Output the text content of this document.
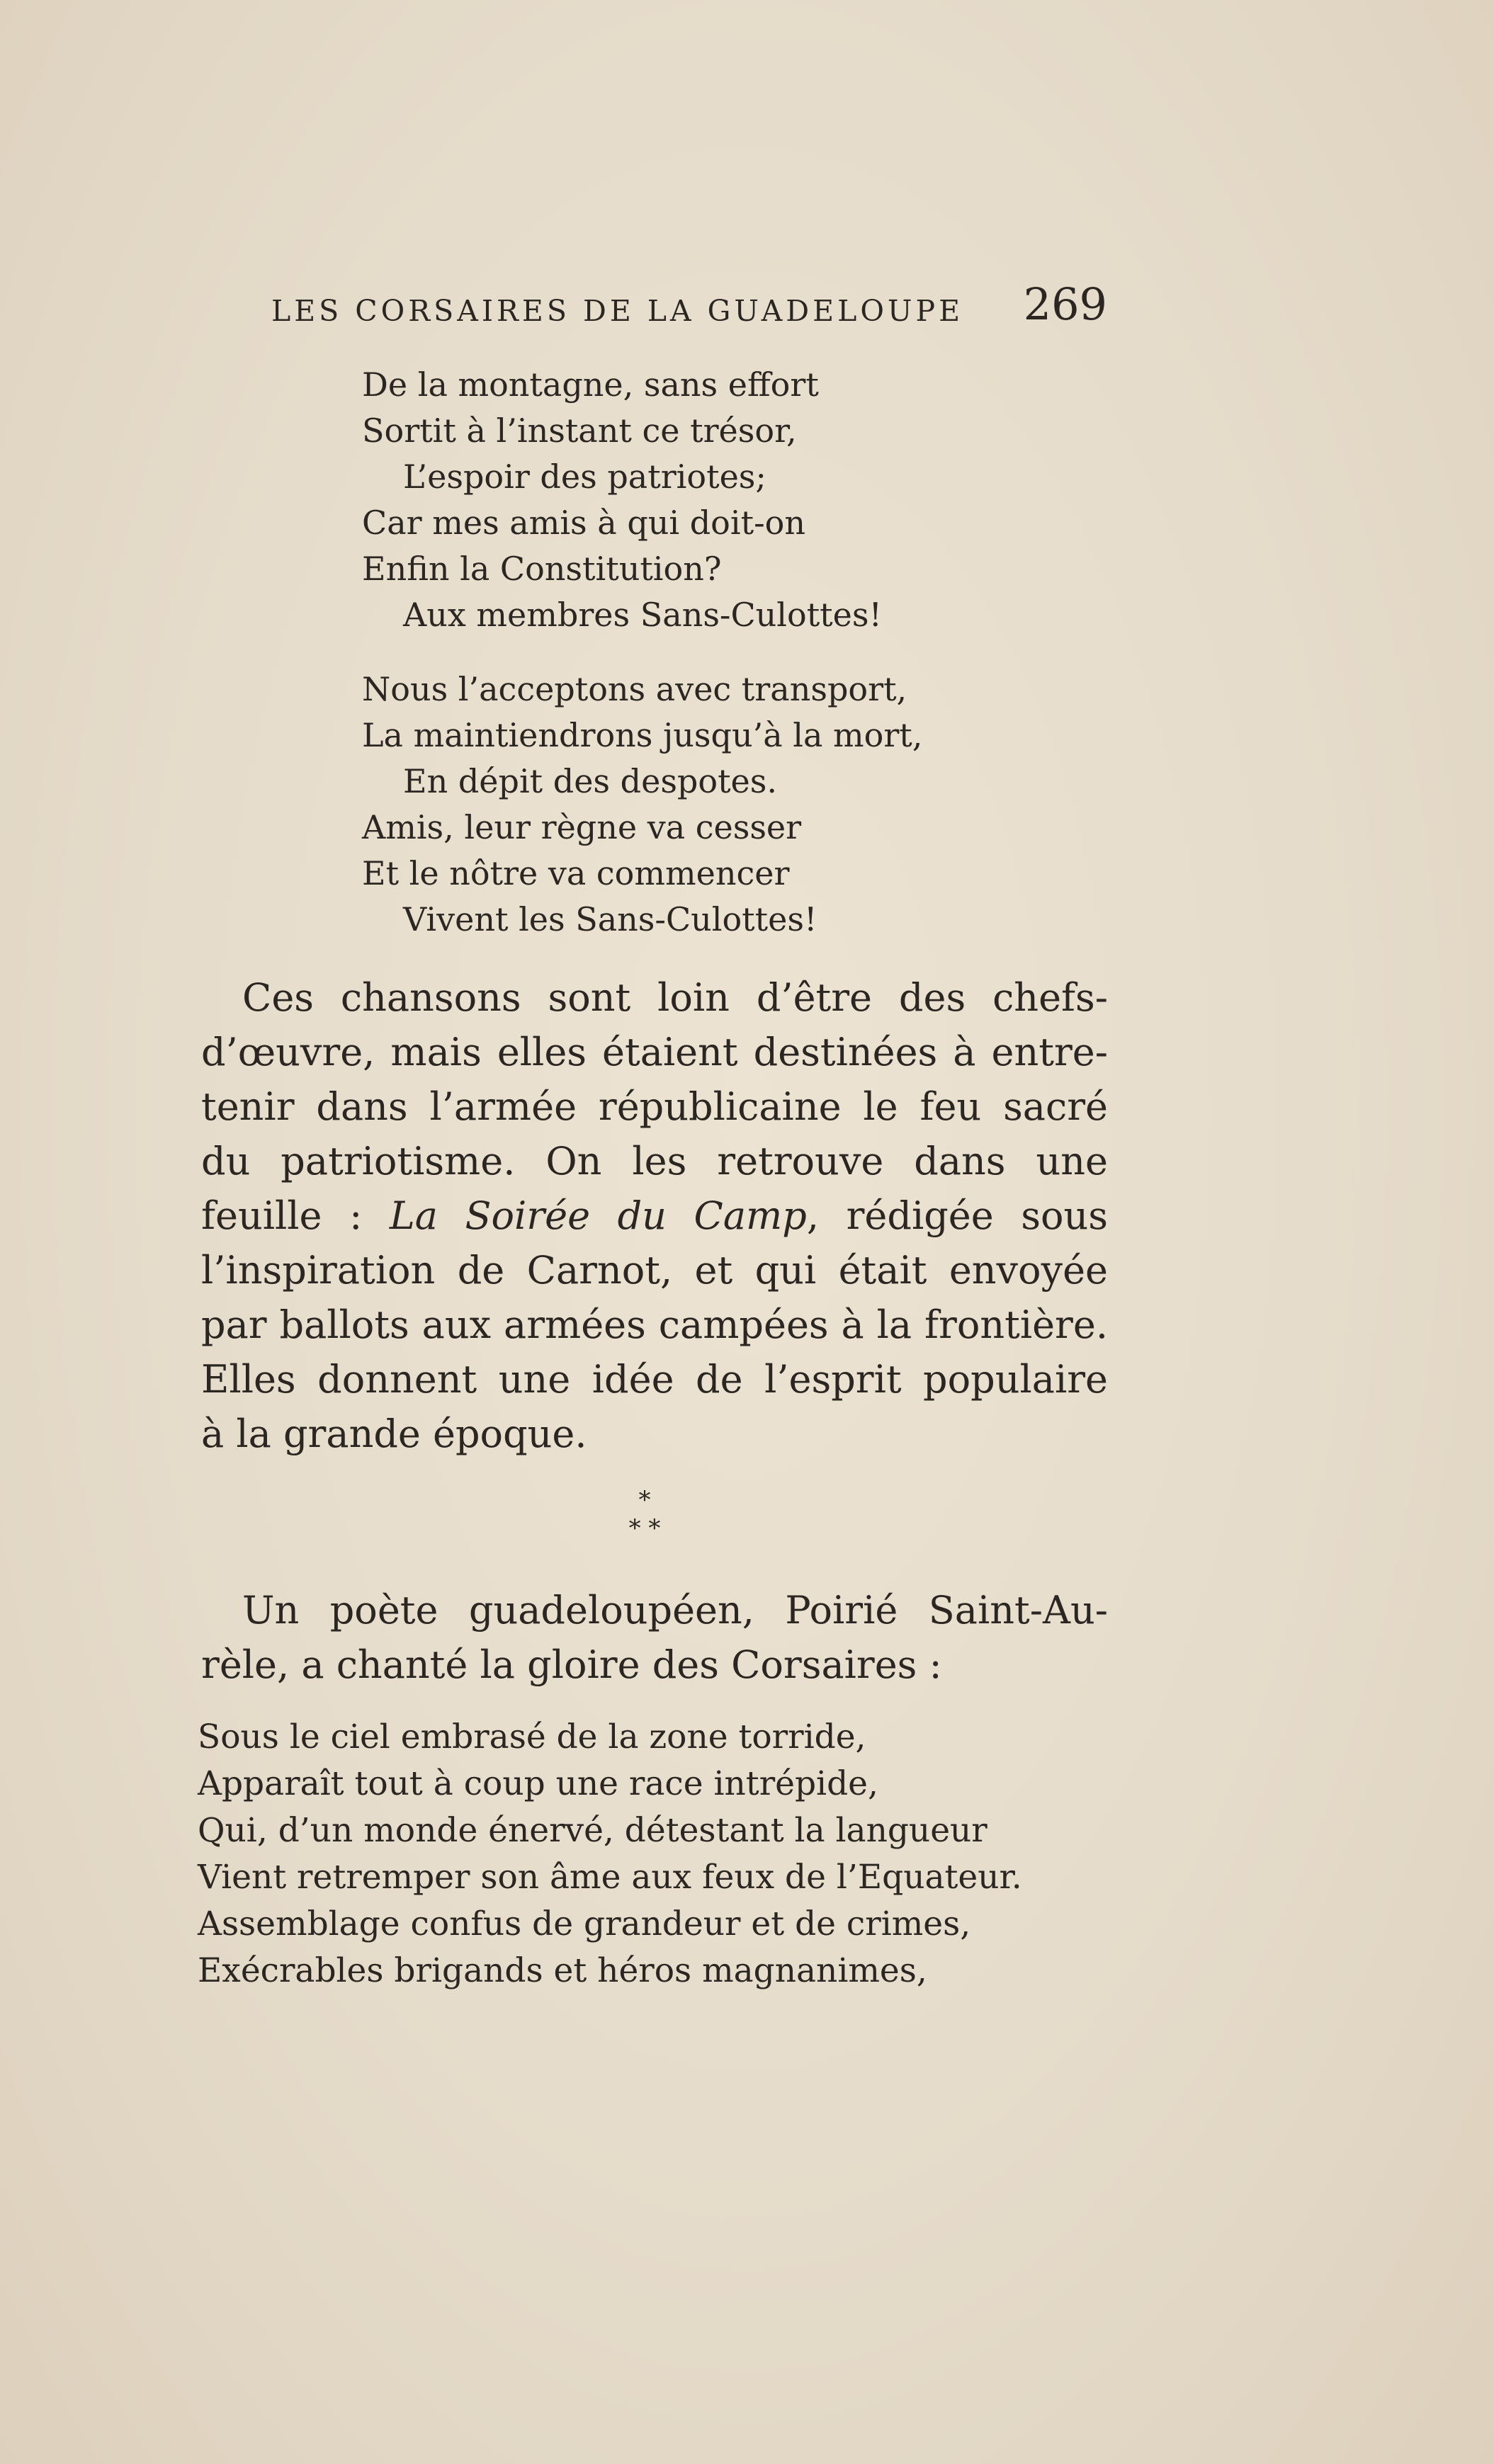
LES CORSAIRES DE LA GUADELOUPE 269
De la montagne, sans effort
Sortit à l’instant ce trésor,
L’espoir des patriotes;
Car mes amis à qui doit-on
Enfin la Constitution?
Aux membres Sans-Culottes!
Nous l’acceptons avec transport,
La maintiendrons jusqu’à la mort,
En dépit des despotes.
Amis, leur règne va cesser
Et le nôtre va commencer
Vivent les Sans-Culottes!
Ces chansons sont loin d’être des chefs-
d’œuvre, mais elles étaient destinées à entre-
tenir dans l’armée républicaine le feu sacré
du patriotisme. On les retrouve dans une
feuille : La Soirée du Camp, rédigée sous
l’inspiration de Carnot, et qui était envoyée
par ballots aux armées campées à la frontière.
Elles donnent une idée de l’esprit populaire
à la grande époque.
*
* *
Un poète guadeloupéen, Poirié Saint-Au-
rèle, a chanté la gloire des Corsaires :
Sous le ciel embrasé de la zone torride,
Apparaît tout à coup une race intrépide,
Qui, d’un monde énervé, détestant la langueur
Vient retremper son âme aux feux de l’Equateur.
Assemblage confus de grandeur et de crimes,
Exécrables brigands et héros magnanimes,
